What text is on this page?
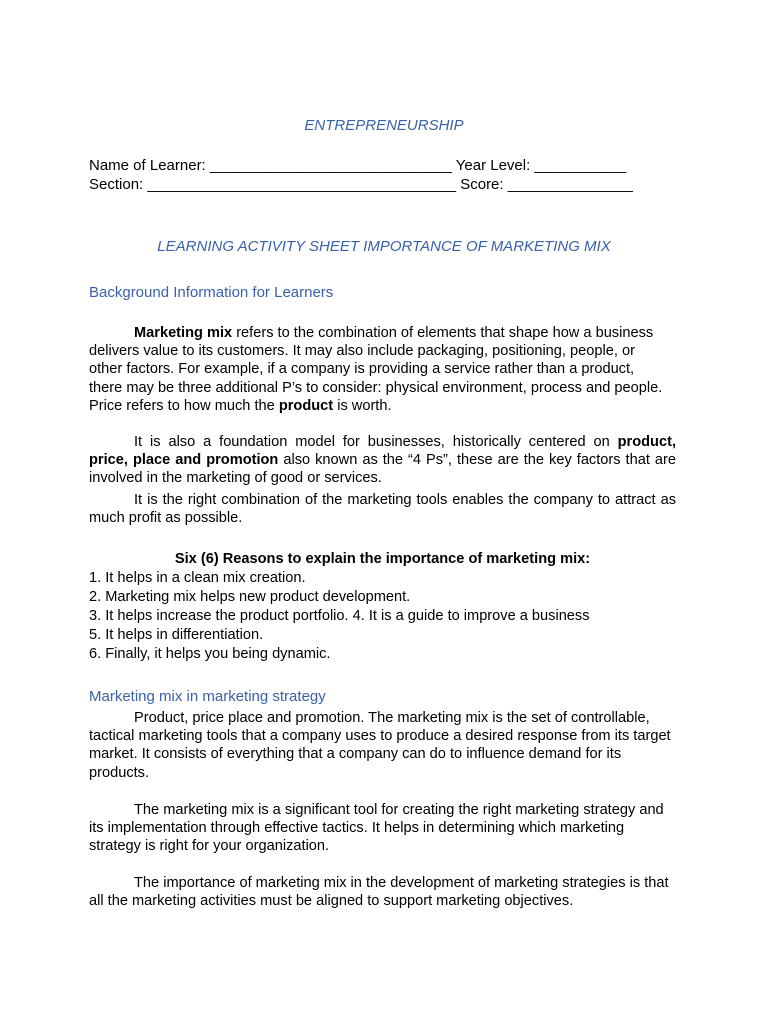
ENTREPRENEURSHIP

Name of Learner: _____________________________ Year Level: ___________

Section: _____________________________________ Score: _______________

LEARNING ACTIVITY SHEET IMPORTANCE OF MARKETING MIX

Background Information for Learners

Marketing mix refers to the combination of elements that shape how a business delivers value to its customers. It may also include packaging, positioning, people, or other factors. For example, if a company is providing a service rather than a product, there may be three additional P’s to consider: physical environment, process and people. Price refers to how much the product is worth.

It is also a foundation model for businesses, historically centered on product, price, place and promotion also known as the “4 Ps”, these are the key factors that are involved in the marketing of good or services.

It is the right combination of the marketing tools enables the company to attract as much profit as possible.

Six (6) Reasons to explain the importance of marketing mix:

1. It helps in a clean mix creation.
2. Marketing mix helps new product development.
3. It helps increase the product portfolio. 4. It is a guide to improve a business
5. It helps in differentiation.
6. Finally, it helps you being dynamic.

Marketing mix in marketing strategy

Product, price place and promotion. The marketing mix is the set of controllable, tactical marketing tools that a company uses to produce a desired response from its target market. It consists of everything that a company can do to influence demand for its products.

The marketing mix is a significant tool for creating the right marketing strategy and its implementation through effective tactics. It helps in determining which marketing strategy is right for your organization.

The importance of marketing mix in the development of marketing strategies is that all the marketing activities must be aligned to support marketing objectives.
